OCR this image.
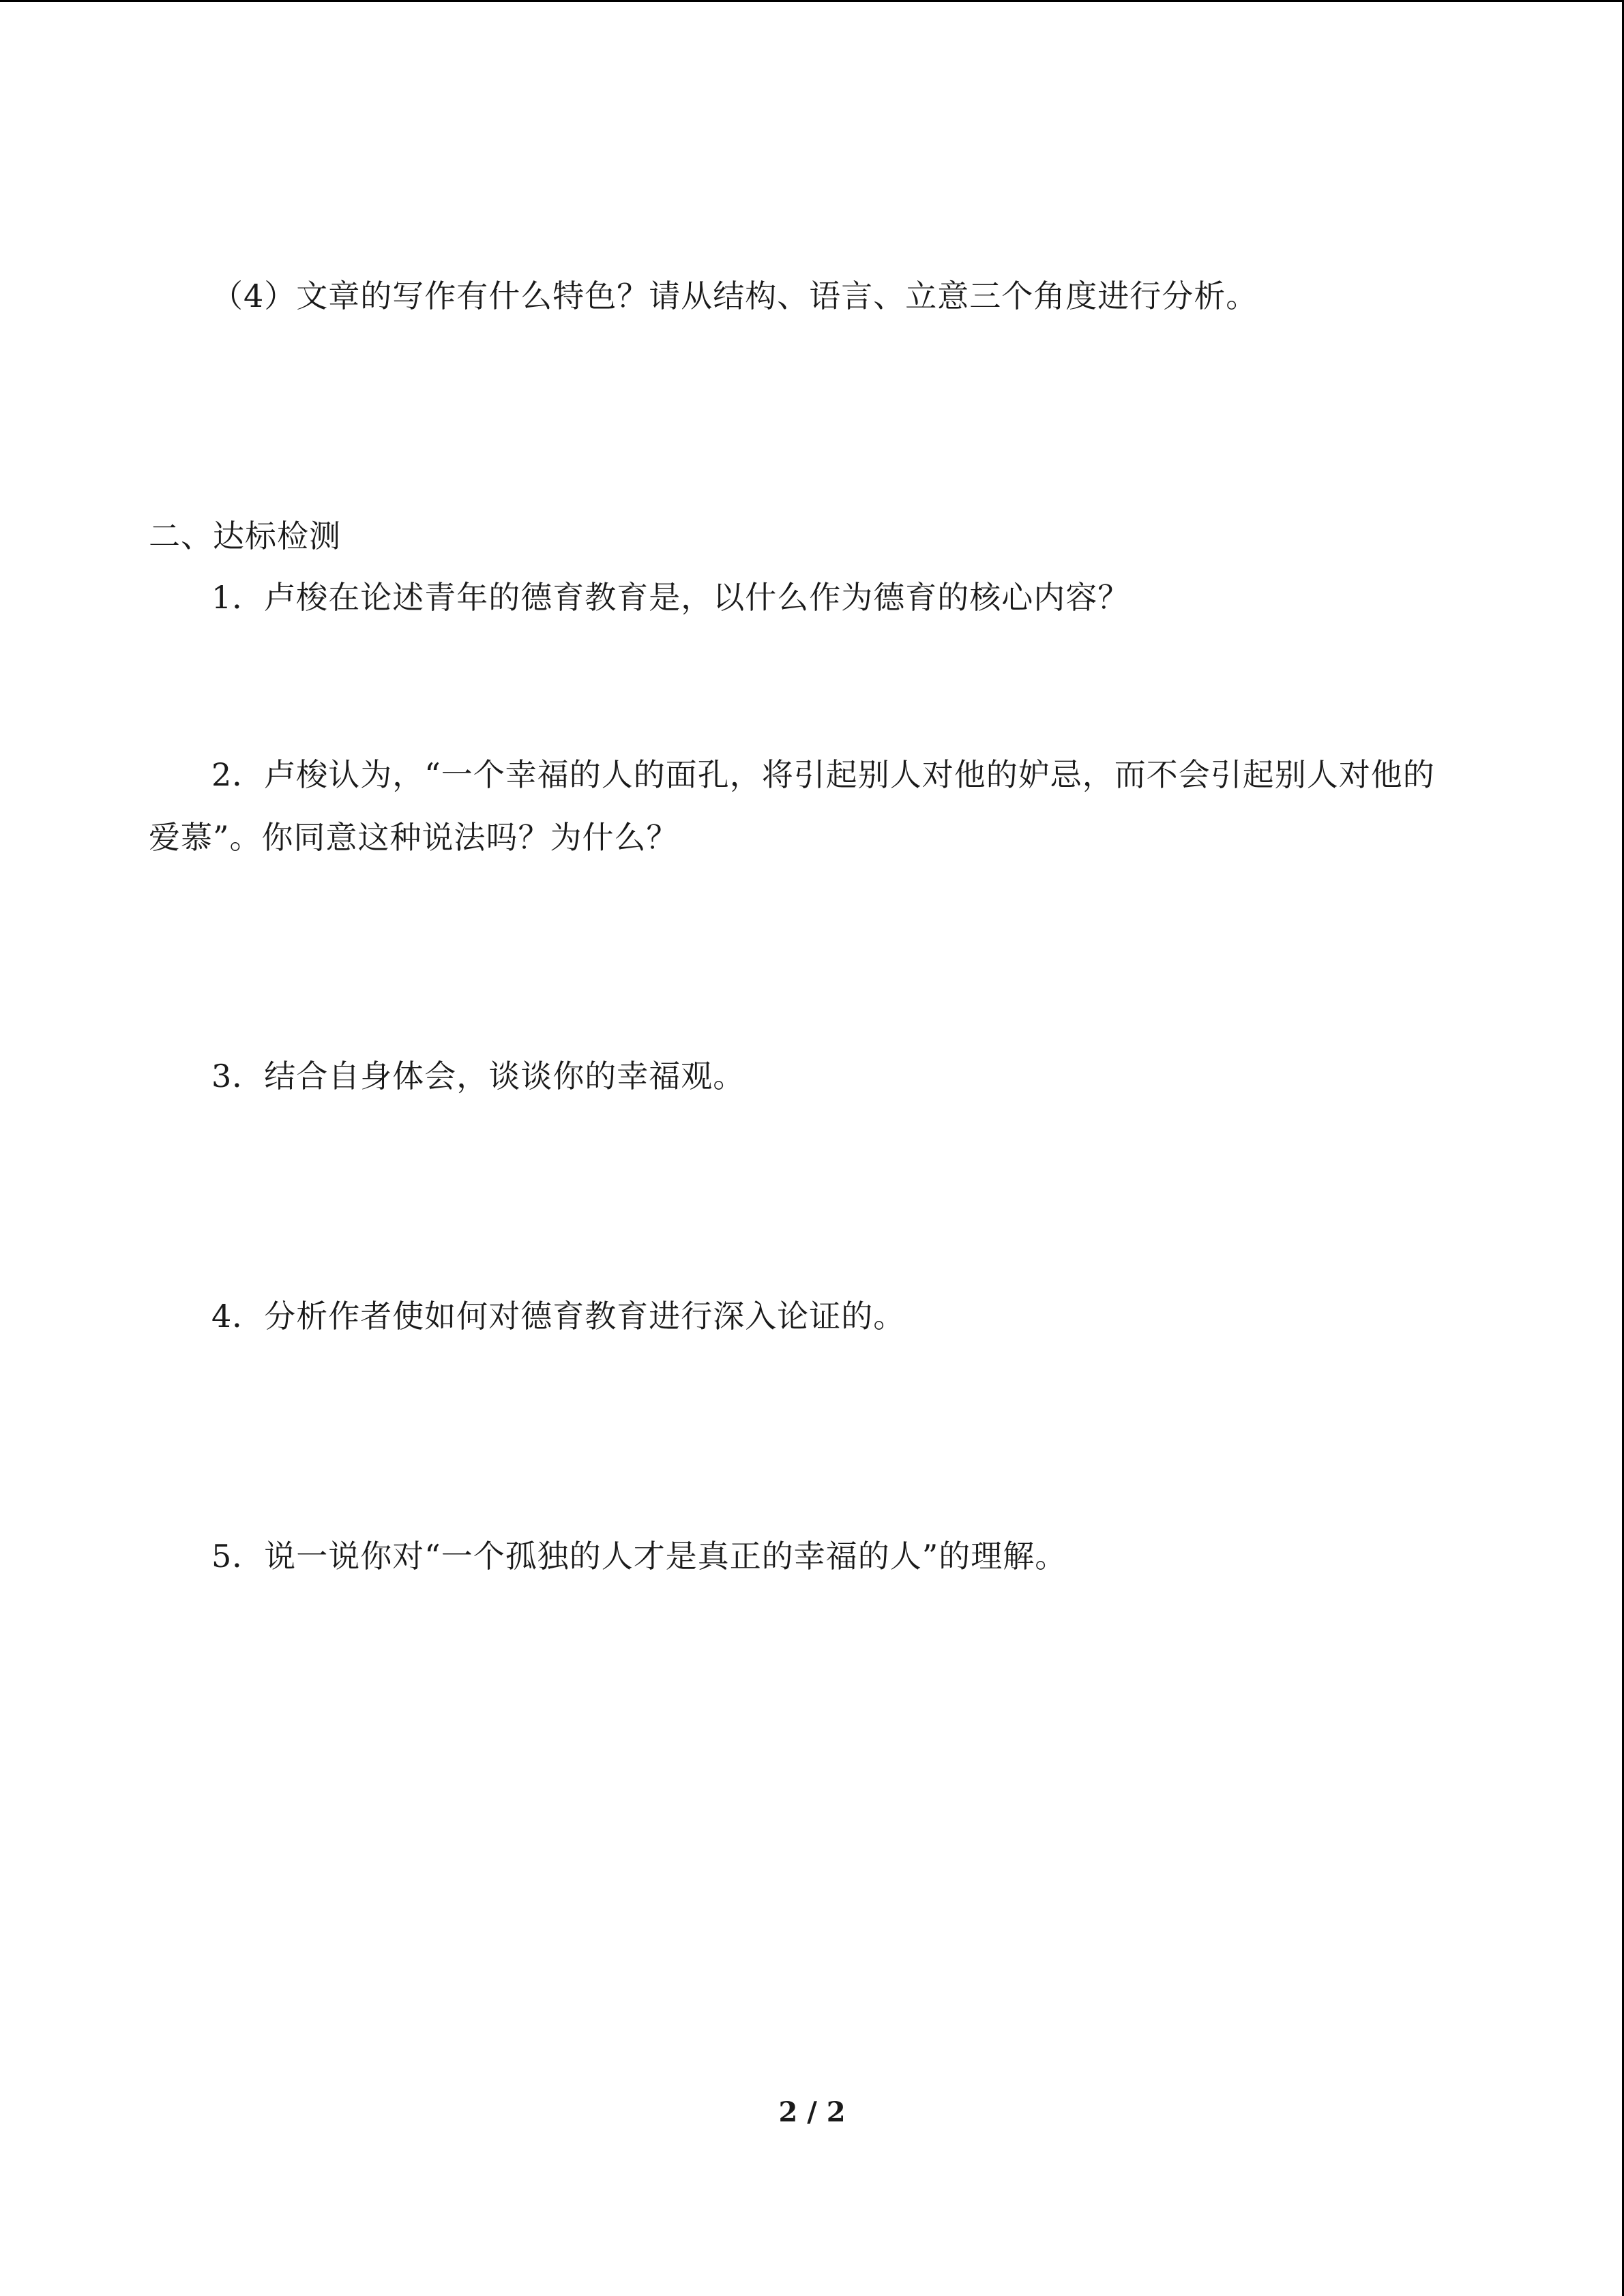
（4）文章的写作有什么特色？请从结构、语言、立意三个角度进行分析。
二、达标检测
1．卢梭在论述青年的德育教育是，以什么作为德育的核心内容？
2．卢梭认为，“一个幸福的人的面孔，将引起别人对他的妒忌，而不会引起别人对他的
爱慕”。你同意这种说法吗？为什么？
3．结合自身体会，谈谈你的幸福观。
4．分析作者使如何对德育教育进行深入论证的。
5．说一说你对“一个孤独的人才是真正的幸福的人”的理解。
2 / 2
